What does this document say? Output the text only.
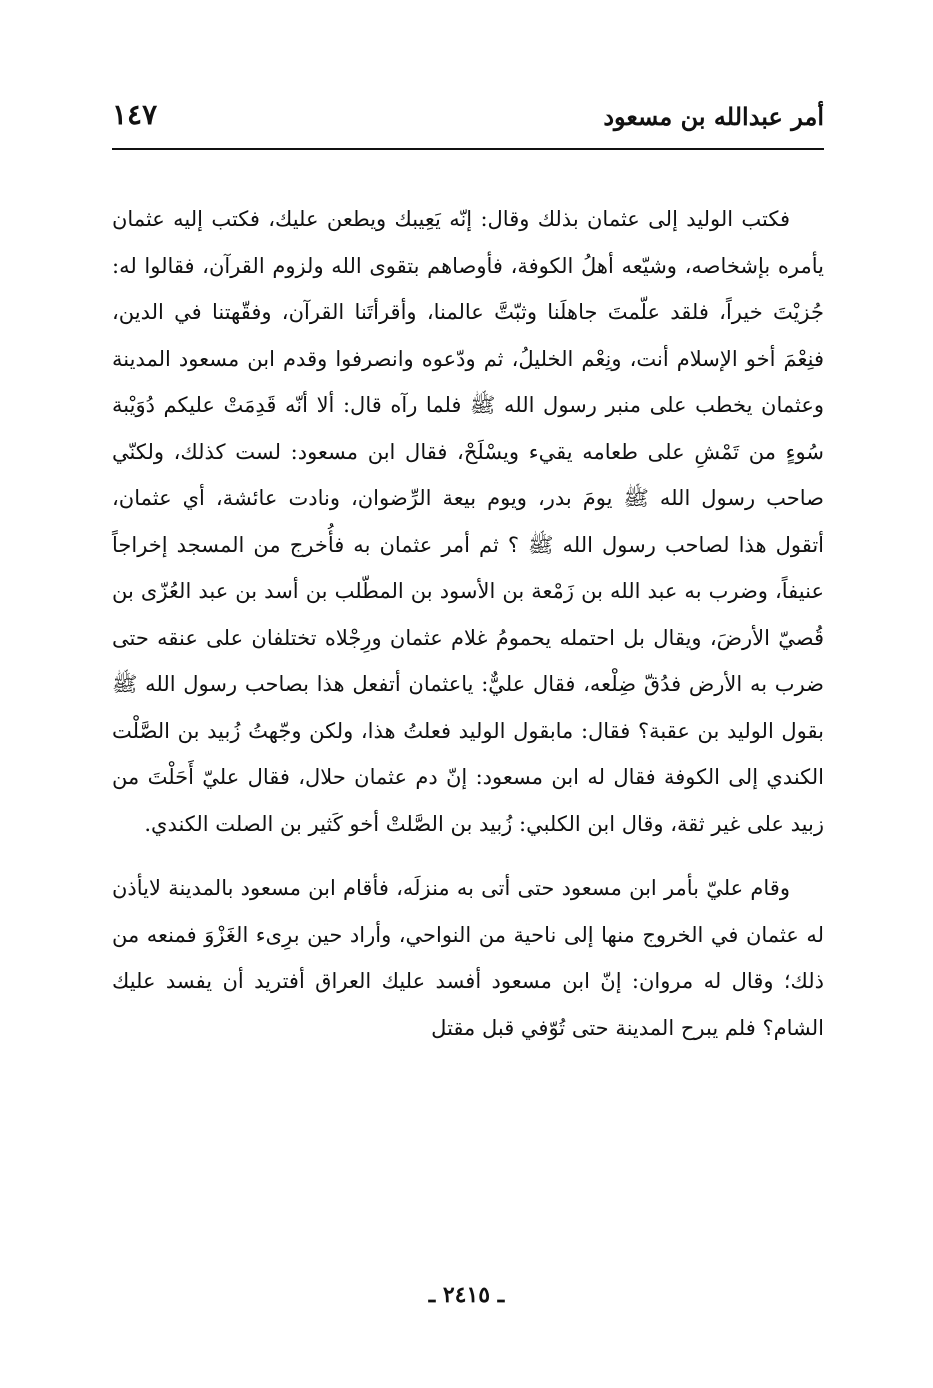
أمر عبدالله بن مسعود
١٤٧

فكتب الوليد إلى عثمان بذلك وقال: إنّه يَعِيبك ويطعن عليك، فكتب إليه عثمان يأمره بإشخاصه، وشيّعه أهلُ الكوفة، فأوصاهم بتقوى الله ولزوم القرآن، فقالوا له: جُزيْتَ خيراً، فلقد علّمتَ جاهلَنا وثبّتَّ عالمنا، وأقرأتَنا القرآن، وفقّهتنا في الدين، فنِعْمَ أخو الإسلام أنت، ونِعْم الخليلُ، ثم ودّعوه وانصرفوا وقدم ابن مسعود المدينة وعثمان يخطب على منبر رسول الله ﷺ فلما رآه قال: ألا أنّه قَدِمَتْ عليكم دُوَيْبة سُوءٍ من تَمْشِ على طعامه يقيء ويسْلَحْ، فقال ابن مسعود: لست كذلك، ولكنّي صاحب رسول الله ﷺ يومَ بدر، ويوم بيعة الرِّضوان، ونادت عائشة، أي عثمان، أتقول هذا لصاحب رسول الله ﷺ ؟ ثم أمر عثمان به فأُخرج من المسجد إخراجاً عنيفاً، وضرب به عبد الله بن زَمْعة بن الأسود بن المطّلب بن أسد بن عبد العُزّى بن قُصيّ الأرضَ، ويقال بل احتمله يحمومُ غلام عثمان ورِجْلاه تختلفان على عنقه حتى ضرب به الأرض فدُقّ ضِلْعه، فقال عليٌّ: ياعثمان أتفعل هذا بصاحب رسول الله ﷺ بقول الوليد بن عقبة؟ فقال: مابقول الوليد فعلتُ هذا، ولكن وجّهتُ زُبيد بن الصَّلْت الكندي إلى الكوفة فقال له ابن مسعود: إنّ دم عثمان حلال، فقال عليّ أَحَلْتَ من زبيد على غير ثقة، وقال ابن الكلبي: زُبيد بن الصَّلتْ أخو كَثير بن الصلت الكندي.

وقام عليّ بأمر ابن مسعود حتى أتى به منزلَه، فأقام ابن مسعود بالمدينة لايأذن له عثمان في الخروج منها إلى ناحية من النواحي، وأراد حين برِىء الغَزْوَ فمنعه من ذلك؛ وقال له مروان: إنّ ابن مسعود أفسد عليك العراق أفتريد أن يفسد عليك الشام؟ فلم يبرح المدينة حتى تُوّفي قبل مقتل

ـ ٢٤١٥ ـ
